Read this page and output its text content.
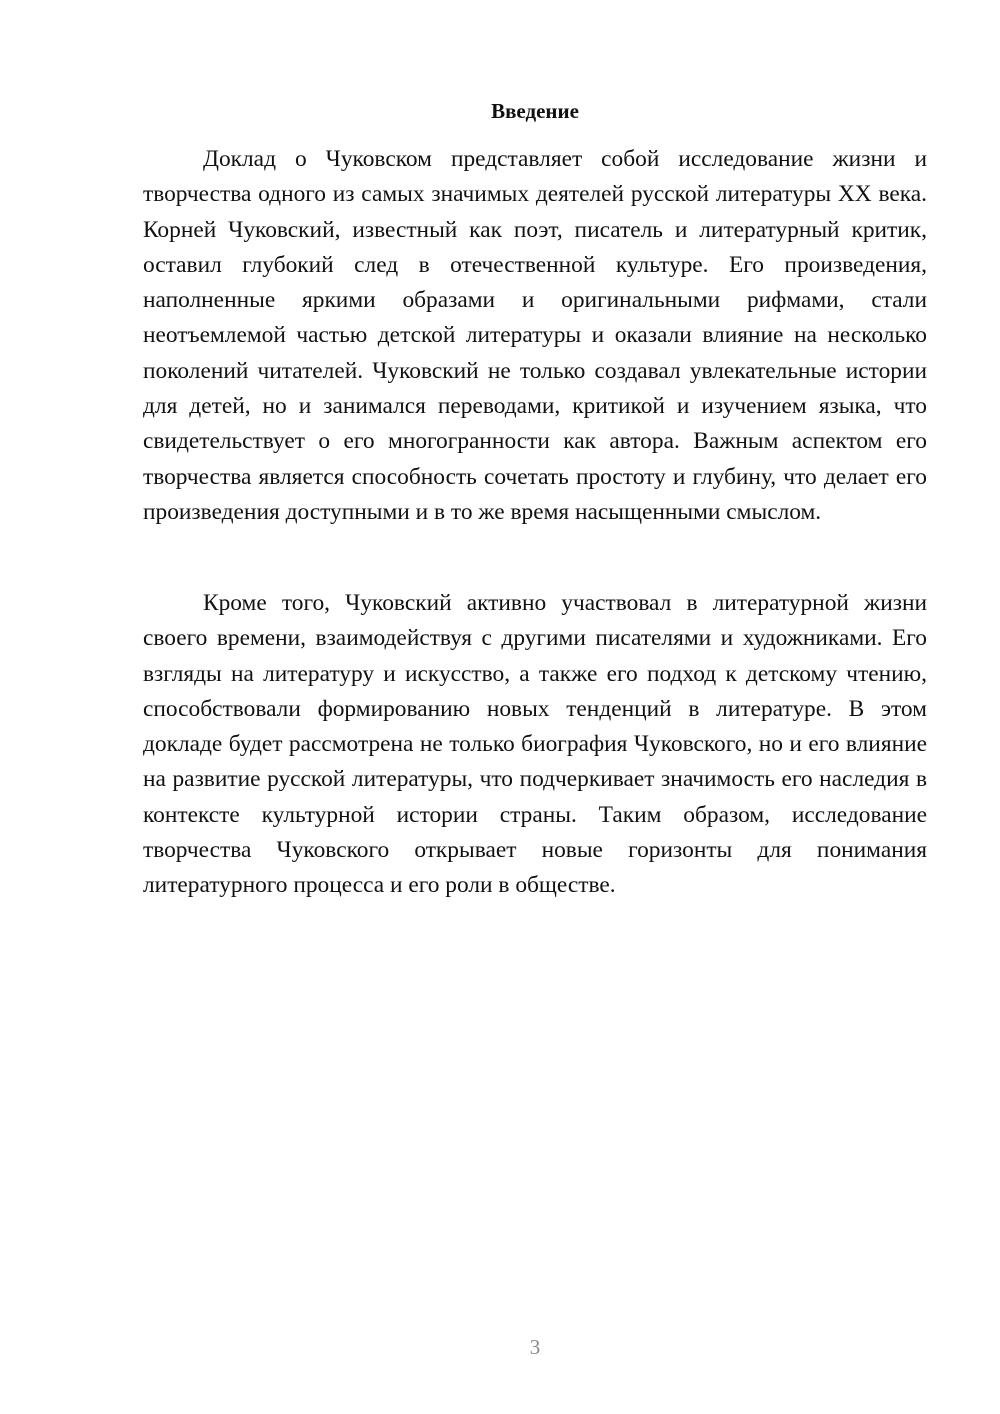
Введение

Доклад о Чуковском представляет собой исследование жизни и творчества одного из самых значимых деятелей русской литературы XX века. Корней Чуковский, известный как поэт, писатель и литературный критик, оставил глубокий след в отечественной культуре. Его произведения, наполненные яркими образами и оригинальными рифмами, стали неотъемлемой частью детской литературы и оказали влияние на несколько поколений читателей. Чуковский не только создавал увлекательные истории для детей, но и занимался переводами, критикой и изучением языка, что свидетельствует о его многогранности как автора. Важным аспектом его творчества является способность сочетать простоту и глубину, что делает его произведения доступными и в то же время насыщенными смыслом.

Кроме того, Чуковский активно участвовал в литературной жизни своего времени, взаимодействуя с другими писателями и художниками. Его взгляды на литературу и искусство, а также его подход к детскому чтению, способствовали формированию новых тенденций в литературе. В этом докладе будет рассмотрена не только биография Чуковского, но и его влияние на развитие русской литературы, что подчеркивает значимость его наследия в контексте культурной истории страны. Таким образом, исследование творчества Чуковского открывает новые горизонты для понимания литературного процесса и его роли в обществе.

3
